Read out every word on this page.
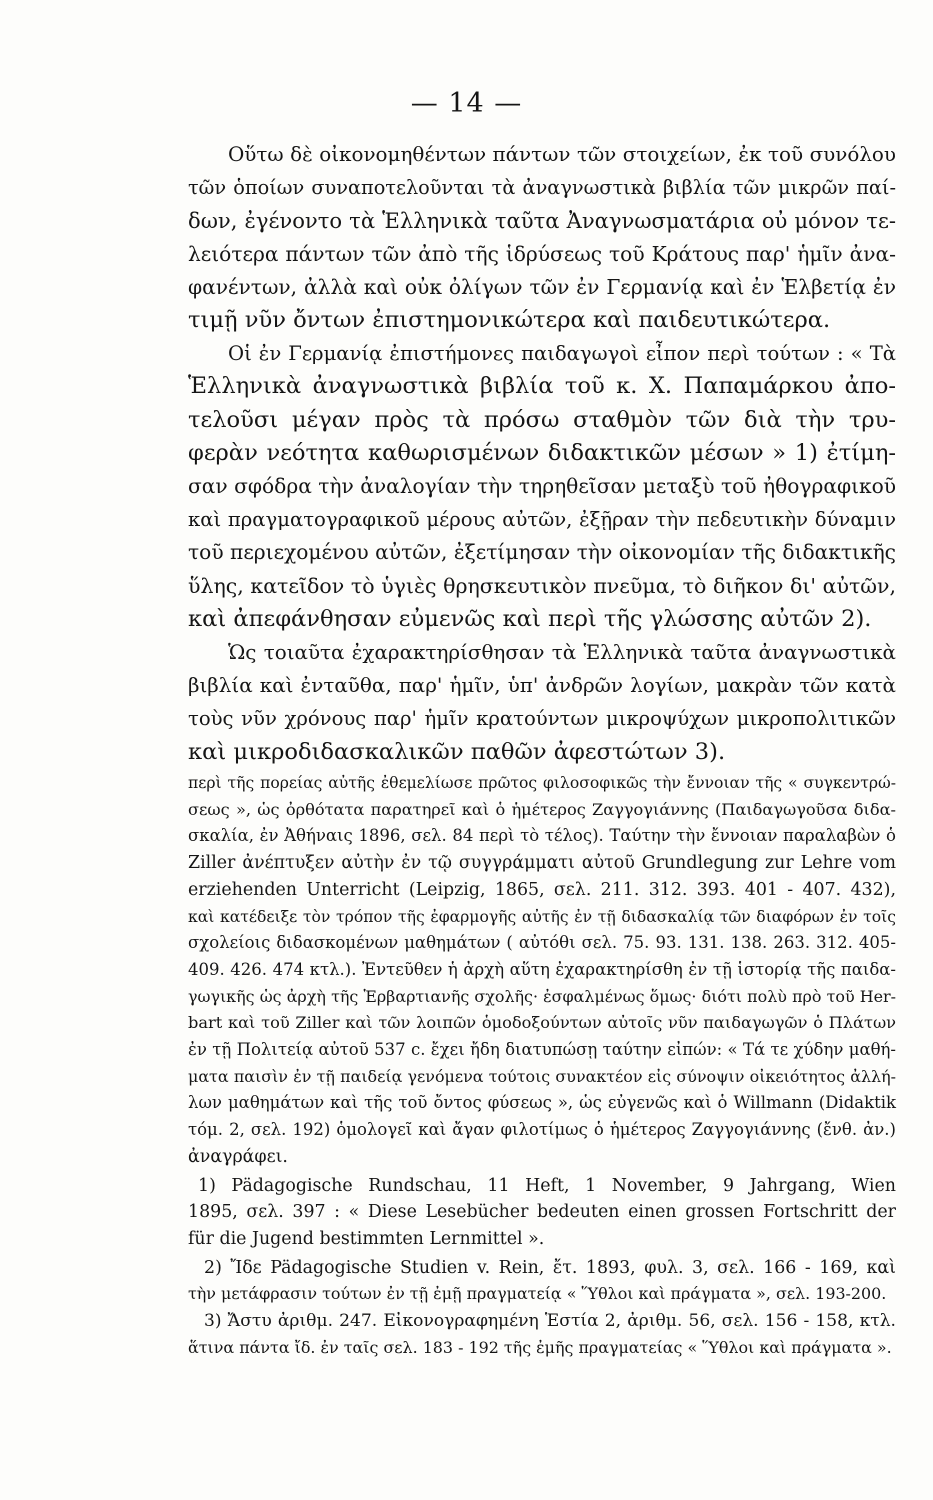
— 14 —

Οὕτω δὲ οἰκονομηθέντων πάντων τῶν στοιχείων, ἐκ τοῦ συνόλου
τῶν ὁποίων συναποτελοῦνται τὰ ἀναγνωστικὰ βιβλία τῶν μικρῶν παί-
δων, ἐγένοντο τὰ Ἑλληνικὰ ταῦτα Ἀναγνωσματάρια οὐ μόνον τε-
λειότερα πάντων τῶν ἀπὸ τῆς ἱδρύσεως τοῦ Κράτους παρ' ἡμῖν ἀνα-
φανέντων, ἀλλὰ καὶ οὐκ ὀλίγων τῶν ἐν Γερμανίᾳ καὶ ἐν Ἑλβετίᾳ ἐν
τιμῇ νῦν ὄντων ἐπιστημονικώτερα καὶ παιδευτικώτερα.

Οἱ ἐν Γερμανίᾳ ἐπιστήμονες παιδαγωγοὶ εἶπον περὶ τούτων : « Τὰ
Ἑλληνικὰ ἀναγνωστικὰ βιβλία τοῦ κ. Χ. Παπαμάρκου ἀπο-
τελοῦσι μέγαν πρὸς τὰ πρόσω σταθμὸν τῶν διὰ τὴν τρυ-
φερὰν νεότητα καθωρισμένων διδακτικῶν μέσων » 1) ἐτίμη-
σαν σφόδρα τὴν ἀναλογίαν τὴν τηρηθεῖσαν μεταξὺ τοῦ ἠθογραφικοῦ
καὶ πραγματογραφικοῦ μέρους αὐτῶν, ἐξῇραν τὴν πεδευτικὴν δύναμιν
τοῦ περιεχομένου αὐτῶν, ἐξετίμησαν τὴν οἰκονομίαν τῆς διδακτικῆς
ὕλης, κατεῖδον τὸ ὑγιὲς θρησκευτικὸν πνεῦμα, τὸ διῆκον δι' αὐτῶν,
καὶ ἀπεφάνθησαν εὐμενῶς καὶ περὶ τῆς γλώσσης αὐτῶν 2).

Ὡς τοιαῦτα ἐχαρακτηρίσθησαν τὰ Ἑλληνικὰ ταῦτα ἀναγνωστικὰ
βιβλία καὶ ἐνταῦθα, παρ' ἡμῖν, ὑπ' ἀνδρῶν λογίων, μακρὰν τῶν κατὰ
τοὺς νῦν χρόνους παρ' ἡμῖν κρατούντων μικροψύχων μικροπολιτικῶν
καὶ μικροδιδασκαλικῶν παθῶν ἀφεστώτων 3).

περὶ τῆς πορείας αὐτῆς ἐθεμελίωσε πρῶτος φιλοσοφικῶς τὴν ἔννοιαν τῆς « συγκεντρώ-
σεως », ὡς ὀρθότατα παρατηρεῖ καὶ ὁ ἡμέτερος Ζαγγογιάννης (Παιδαγωγοῦσα διδα-
σκαλία, ἐν Ἀθήναις 1896, σελ. 84 περὶ τὸ τέλος). Ταύτην τὴν ἔννοιαν παραλαβὼν ὁ
Ziller ἀνέπτυξεν αὐτὴν ἐν τῷ συγγράμματι αὐτοῦ Grundlegung zur Lehre vom
erziehenden Unterricht (Leipzig, 1865, σελ. 211. 312. 393. 401 - 407. 432),
καὶ κατέδειξε τὸν τρόπον τῆς ἐφαρμογῆς αὐτῆς ἐν τῇ διδασκαλίᾳ τῶν διαφόρων ἐν τοῖς
σχολείοις διδασκομένων μαθημάτων ( αὐτόθι σελ. 75. 93. 131. 138. 263. 312. 405-
409. 426. 474 κτλ.). Ἐντεῦθεν ἡ ἀρχὴ αὕτη ἐχαρακτηρίσθη ἐν τῇ ἱστορίᾳ τῆς παιδα-
γωγικῆς ὡς ἀρχὴ τῆς Ἑρβαρτιανῆς σχολῆς· ἐσφαλμένως ὅμως· διότι πολὺ πρὸ τοῦ Her-
bart καὶ τοῦ Ziller καὶ τῶν λοιπῶν ὁμοδοξούντων αὐτοῖς νῦν παιδαγωγῶν ὁ Πλάτων
ἐν τῇ Πολιτείᾳ αὐτοῦ 537 c. ἔχει ἤδη διατυπώσῃ ταύτην εἰπών: « Τά τε χύδην μαθή-
ματα παισὶν ἐν τῇ παιδείᾳ γενόμενα τούτοις συνακτέον εἰς σύνοψιν οἰκειότητος ἀλλή-
λων μαθημάτων καὶ τῆς τοῦ ὄντος φύσεως », ὡς εὐγενῶς καὶ ὁ Willmann (Didaktik
τόμ. 2, σελ. 192) ὁμολογεῖ καὶ ἄγαν φιλοτίμως ὁ ἡμέτερος Ζαγγογιάννης (ἔνθ. ἀν.)
ἀναγράφει.

1) Pädagogische Rundschau, 11 Heft, 1 November, 9 Jahrgang, Wien
1895, σελ. 397 : « Diese Lesebücher bedeuten einen grossen Fortschritt der
für die Jugend bestimmten Lernmittel ».

2) Ἴδε Pädagogische Studien v. Rein, ἔτ. 1893, φυλ. 3, σελ. 166 - 169, καὶ
τὴν μετάφρασιν τούτων ἐν τῇ ἐμῇ πραγματείᾳ « Ὕθλοι καὶ πράγματα », σελ. 193-200.

3) Ἄστυ ἀριθμ. 247. Εἰκονογραφημένη Ἑστία 2, ἀριθμ. 56, σελ. 156 - 158, κτλ.
ἅτινα πάντα ἴδ. ἐν ταῖς σελ. 183 - 192 τῆς ἐμῆς πραγματείας « Ὕθλοι καὶ πράγματα ».
